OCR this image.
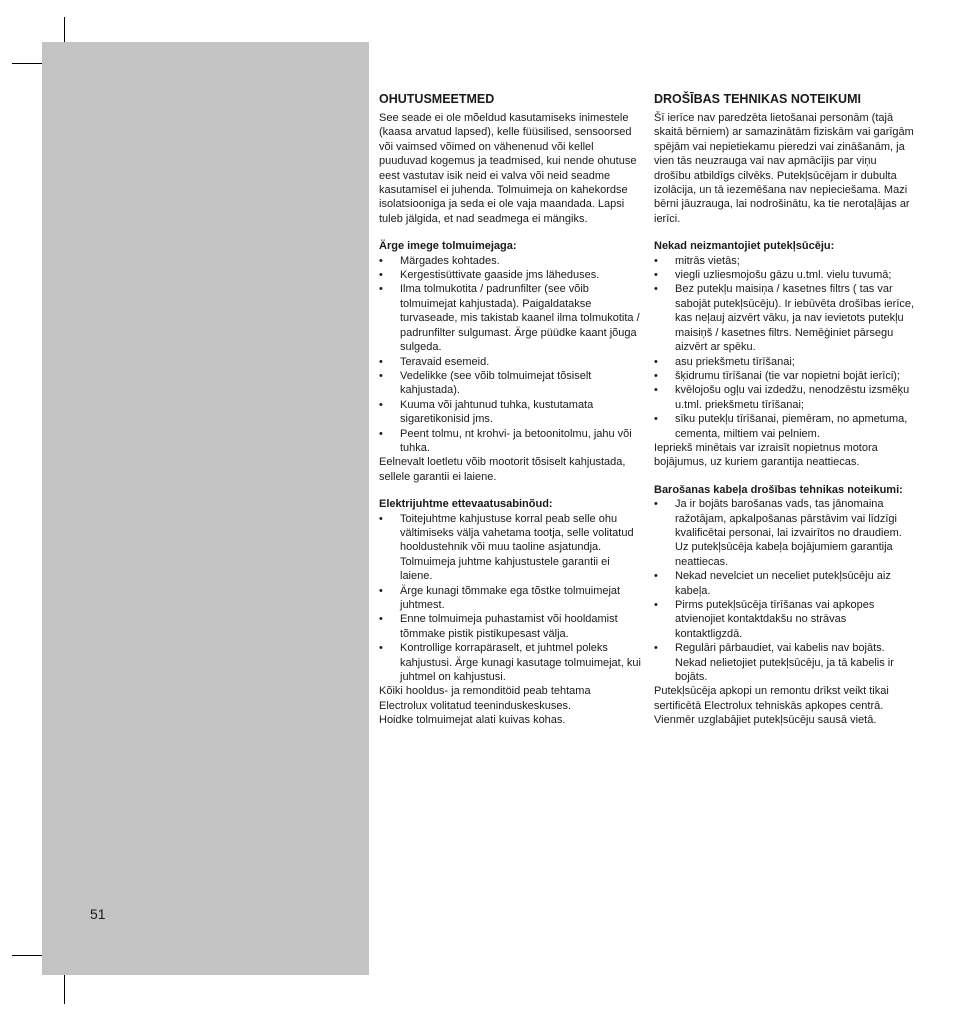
51
OHUTUSMEETMED

See seade ei ole mõeldud kasutamiseks inimestele (kaasa arvatud lapsed), kelle füüsilised, sensoorsed või vaimsed võimed on vähenenud või kellel puuduvad kogemus ja teadmised, kui nende ohutuse eest vastutav isik neid ei valva või neid seadme kasutamisel ei juhenda. Tolmuimeja on kahekordse isolatsiooniga ja seda ei ole vaja maandada. Lapsi tuleb jälgida, et nad seadmega ei mängiks.

Ärge imege tolmuimejaga:
• Märgades kohtades.
• Kergestisüttivate gaaside jms läheduses.
• Ilma tolmukotita / padrunfilter (see võib tolmuimejat kahjustada). Paigaldatakse turvaseade, mis takistab kaanel ilma tolmukotita / padrunfilter sulgumast. Ärge püüdke kaant jõuga sulgeda.
• Teravaid esemeid.
• Vedelikke (see võib tolmuimejat tõsiselt kahjustada).
• Kuuma või jahtunud tuhka, kustutamata sigaretikonisid jms.
• Peent tolmu, nt krohvi- ja betoonitolmu, jahu või tuhka.

Eelnevalt loetletu võib mootorit tõsiselt kahjustada, sellele garantii ei laiene.

Elektrijuhtme ettevaatusabinõud:
• Toitejuhtme kahjustuse korral peab selle ohu vältimiseks välja vahetama tootja, selle volitatud hooldustehnik või muu taoline asjatundja.
Tolmuimeja juhtme kahjustustele garantii ei laiene.
• Ärge kunagi tõmmake ega tõstke tolmuimejat juhtmest.
• Enne tolmuimeja puhastamist või hooldamist tõmmake pistik pistikupesast välja.
• Kontrollige korrapäraselt, et juhtmel poleks kahjustusi. Ärge kunagi kasutage tolmuimejat, kui juhtmel on kahjustusi.

Kõiki hooldus- ja remonditöid peab tehtama Electrolux volitatud teeninduskeskuses.

Hoidke tolmuimejat alati kuivas kohas.

DROŠĪBAS TEHNIKAS NOTEIKUMI

Šī ierīce nav paredzēta lietošanai personām (tajā skaitā bērniem) ar samazinātām fiziskām vai garīgām spējām vai nepietiekamu pieredzi vai zināšanām, ja vien tās neuzrauga vai nav apmācījis par viņu drošību atbildīgs cilvēks. Putekļsūcējam ir dubulta izolācija, un tā iezemēšana nav nepieciešama. Mazi bērni jāuzrauga, lai nodrošinātu, ka tie nerotaļājas ar ierīci.

Nekad neizmantojiet putekļsūcēju:
• mitrās vietās;
• viegli uzliesmojošu gāzu u.tml. vielu tuvumā;
• Bez putekļu maisiņa / kasetnes filtrs ( tas var sabojāt putekļsūcēju). Ir iebūvēta drošības ierīce, kas neļauj aizvērt vāku, ja nav ievietots putekļu maisiņš / kasetnes filtrs. Nemēģiniet pārsegu aizvērt ar spēku.
• asu priekšmetu tīrīšanai;
• šķidrumu tīrīšanai (tie var nopietni bojāt ierīci);
• kvēlojošu ogļu vai izdedžu, nenodzēstu izsmēķu u.tml. priekšmetu tīrīšanai;
• sīku putekļu tīrīšanai, piemēram, no apmetuma, cementa, miltiem vai pelniem.

Iepriekš minētais var izraisīt nopietnus motora bojājumus, uz kuriem garantija neattiecas.

Barošanas kabeļa drošības tehnikas noteikumi:
• Ja ir bojāts barošanas vads, tas jānomaina ražotājam, apkalpošanas pārstāvim vai līdzīgi kvalificētai personai, lai izvairītos no draudiem.
Uz putekļsūcēja kabeļa bojājumiem garantija neattiecas.
• Nekad nevelciet un neceliet putekļsūcēju aiz kabeļa.
• Pirms putekļsūcēja tīrīšanas vai apkopes atvienojiet kontaktdakšu no strāvas kontaktligzdā.
• Regulāri pārbaudiet, vai kabelis nav bojāts. Nekad nelietojiet putekļsūcēju, ja tā kabelis ir bojāts.

Putekļsūcēja apkopi un remontu drīkst veikt tikai sertificētā Electrolux tehniskās apkopes centrā.

Vienmēr uzglabājiet putekļsūcēju sausā vietā.
